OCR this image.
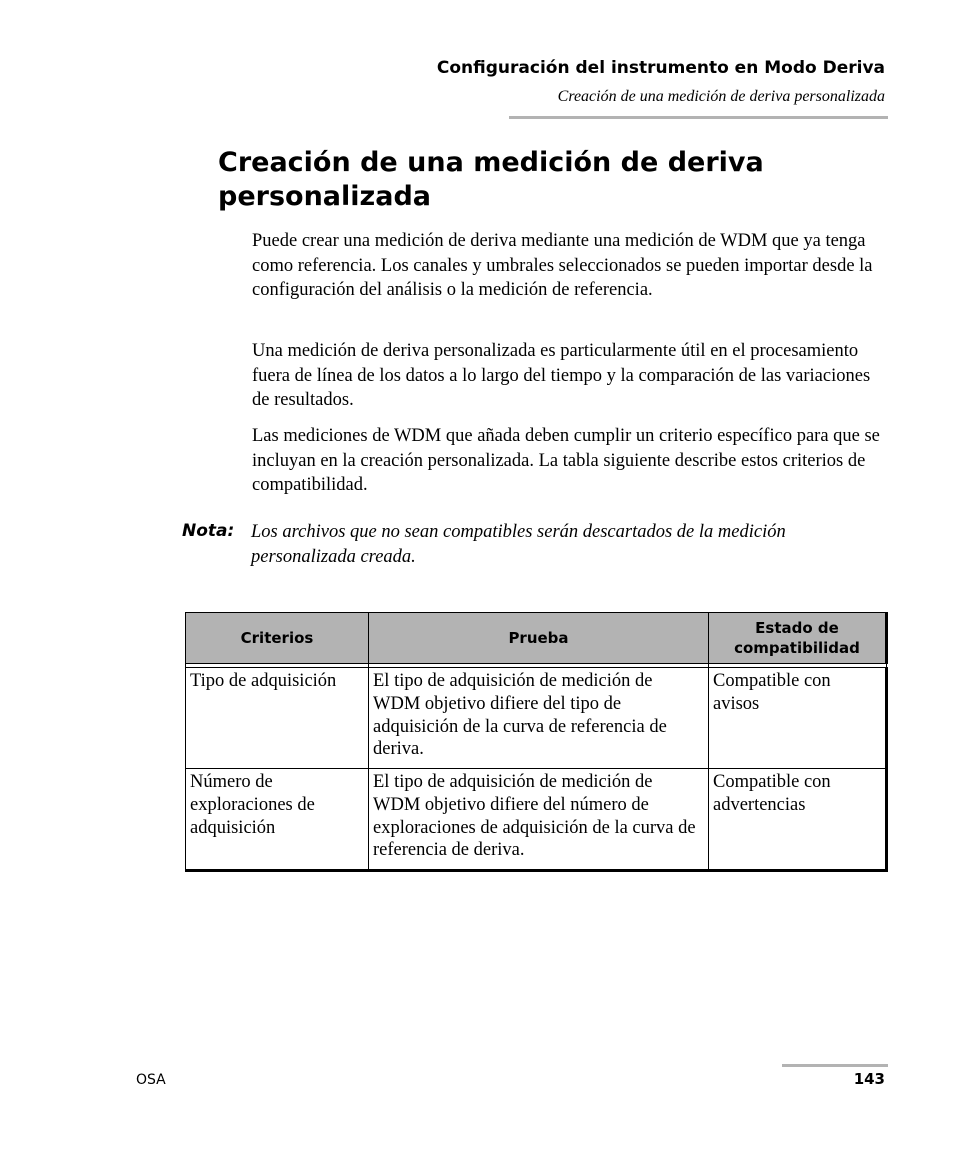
Configuración del instrumento en Modo Deriva
Creación de una medición de deriva personalizada
Creación de una medición de deriva personalizada

Puede crear una medición de deriva mediante una medición de WDM que ya tenga como referencia. Los canales y umbrales seleccionados se pueden importar desde la configuración del análisis o la medición de referencia.

Una medición de deriva personalizada es particularmente útil en el procesamiento fuera de línea de los datos a lo largo del tiempo y la comparación de las variaciones de resultados.

Las mediciones de WDM que añada deben cumplir un criterio específico para que se incluyan en la creación personalizada. La tabla siguiente describe estos criterios de compatibilidad.

Nota: Los archivos que no sean compatibles serán descartados de la medición personalizada creada.

Criterios	Prueba	Estado de compatibilidad

Tipo de adquisición	El tipo de adquisición de medición de WDM objetivo difiere del tipo de adquisición de la curva de referencia de deriva.	Compatible con avisos
Número de exploraciones de adquisición	El tipo de adquisición de medición de WDM objetivo difiere del número de exploraciones de adquisición de la curva de referencia de deriva.	Compatible con advertencias
OSA	143
